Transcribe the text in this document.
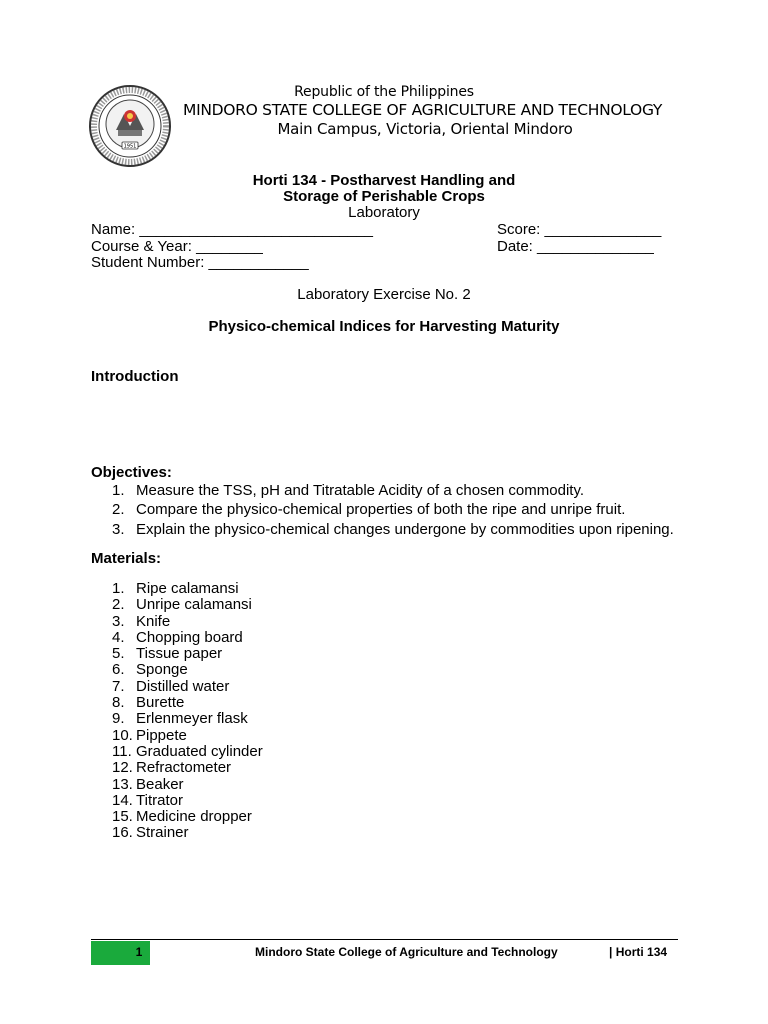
1951
Republic of the Philippines
MINDORO STATE COLLEGE OF AGRICULTURE AND TECHNOLOGY
Main Campus, Victoria, Oriental Mindoro
Horti 134 - Postharvest Handling and
Storage of Perishable Crops
Laboratory
Name: ____________________________	Score: ______________
Course & Year: ________	Date: ______________
Student Number: ____________
Laboratory Exercise No. 2
Physico-chemical Indices for Harvesting Maturity
Introduction
Objectives:
1. Measure the TSS, pH and Titratable Acidity of a chosen commodity.
2. Compare the physico-chemical properties of both the ripe and unripe fruit.
3. Explain the physico-chemical changes undergone by commodities upon ripening.
Materials:
1. Ripe calamansi
2. Unripe calamansi
3. Knife
4. Chopping board
5. Tissue paper
6. Sponge
7. Distilled water
8. Burette
9. Erlenmeyer flask
10. Pippete
11. Graduated cylinder
12. Refractometer
13. Beaker
14. Titrator
15. Medicine dropper
16. Strainer
1	Mindoro State College of Agriculture and Technology	| Horti 134
